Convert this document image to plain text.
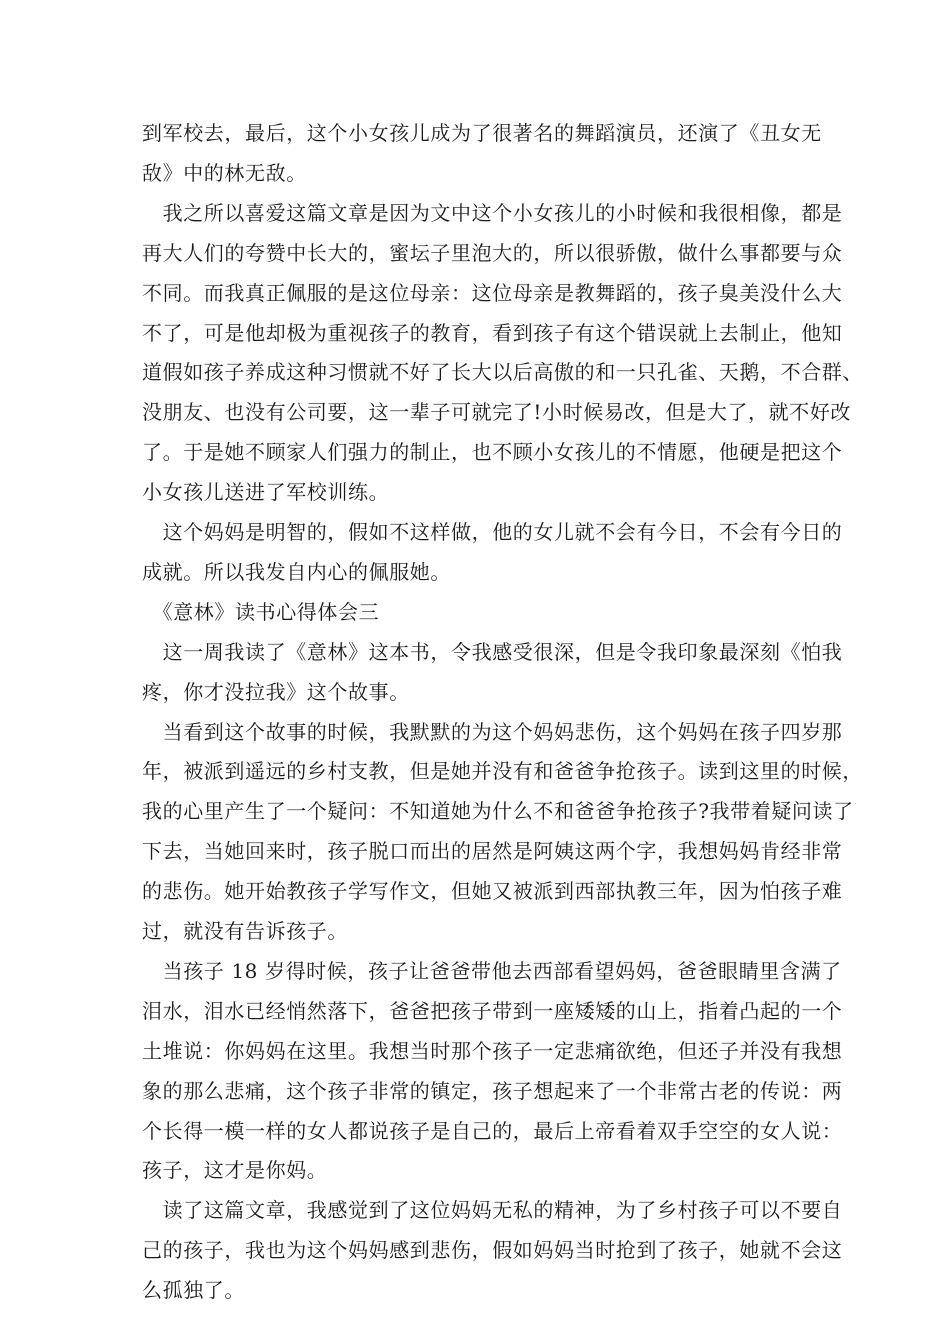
到军校去，最后，这个小女孩儿成为了很著名的舞蹈演员，还演了《丑女无
敌》中的林无敌。
　我之所以喜爱这篇文章是因为文中这个小女孩儿的小时候和我很相像，都是
再大人们的夸赞中长大的，蜜坛子里泡大的，所以很骄傲，做什么事都要与众
不同。而我真正佩服的是这位母亲：这位母亲是教舞蹈的，孩子臭美没什么大
不了，可是他却极为重视孩子的教育，看到孩子有这个错误就上去制止，他知
道假如孩子养成这种习惯就不好了长大以后高傲的和一只孔雀、天鹅，不合群、
没朋友、也没有公司要，这一辈子可就完了!小时候易改，但是大了，就不好改
了。于是她不顾家人们强力的制止，也不顾小女孩儿的不情愿，他硬是把这个
小女孩儿送进了军校训练。
　这个妈妈是明智的，假如不这样做，他的女儿就不会有今日，不会有今日的
成就。所以我发自内心的佩服她。
　《意林》读书心得体会三
　这一周我读了《意林》这本书，令我感受很深，但是令我印象最深刻《怕我
疼，你才没拉我》这个故事。
　当看到这个故事的时候，我默默的为这个妈妈悲伤，这个妈妈在孩子四岁那
年，被派到遥远的乡村支教，但是她并没有和爸爸争抢孩子。读到这里的时候，
我的心里产生了一个疑问：不知道她为什么不和爸爸争抢孩子?我带着疑问读了
下去，当她回来时，孩子脱口而出的居然是阿姨这两个字，我想妈妈肯经非常
的悲伤。她开始教孩子学写作文，但她又被派到西部执教三年，因为怕孩子难
过，就没有告诉孩子。
　当孩子 18 岁得时候，孩子让爸爸带他去西部看望妈妈，爸爸眼睛里含满了
泪水，泪水已经悄然落下，爸爸把孩子带到一座矮矮的山上，指着凸起的一个
土堆说：你妈妈在这里。我想当时那个孩子一定悲痛欲绝，但还子并没有我想
象的那么悲痛，这个孩子非常的镇定，孩子想起来了一个非常古老的传说：两
个长得一模一样的女人都说孩子是自己的，最后上帝看着双手空空的女人说：
孩子，这才是你妈。
　读了这篇文章，我感觉到了这位妈妈无私的精神，为了乡村孩子可以不要自
己的孩子，我也为这个妈妈感到悲伤，假如妈妈当时抢到了孩子，她就不会这
么孤独了。
